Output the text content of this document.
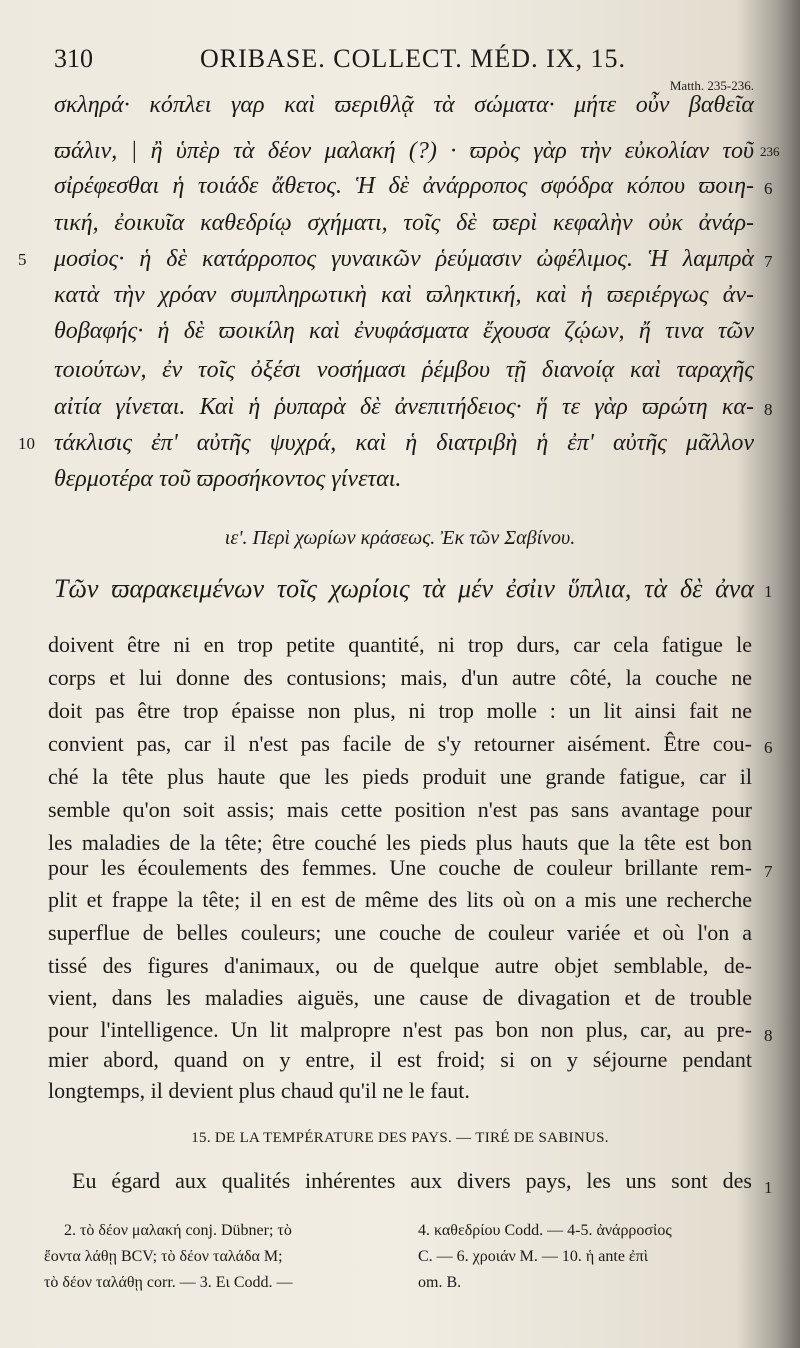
310	ORIBASE. COLLECT. MÉD. IX, 15.
Matth. 235-236.
σκληρά· κόπλει γαρ καὶ ϖεριθλᾷ τὰ σώματα· μήτε οὖν βαθεῖα
ϖάλιν, | ἢ ὑπὲρ τὰ δέον μαλακή (?) · ϖρὸς γὰρ τὴν εὐκολίαν τοῦ
σἰρέφεσθαι ἡ τοιάδε ἄθετος. Ἡ δὲ ἀνάρροπος σφόδρα κόπου ϖοιη-
τική, ἐοικυῖα καθεδρίῳ σχήματι, τοῖς δὲ ϖερὶ κεφαλὴν οὐκ ἀνάρ-
μοσἰος· ἡ δὲ κατάρροπος γυναικῶν ῥεύμασιν ὠφέλιμος. Ἡ λαμπρὰ
κατὰ τὴν χρόαν συμπληρωτικὴ καὶ ϖληκτική, καὶ ἡ ϖεριέργως ἀν-
θοβαφής· ἡ δὲ ϖοικίλη καὶ ἐνυφάσματα ἔχουσα ζῴων, ἤ τινα τῶν
τοιούτων, ἐν τοῖς ὀξέσι νοσήμασι ῥέμβου τῇ διανοίᾳ καὶ ταραχῆς
αἰτία γίνεται. Καὶ ἡ ῥυπαρὰ δὲ ἀνεπιτήδειος· ἥ τε γὰρ ϖρώτη κα-
τάκλισις ἐπ' αὐτῆς ψυχρά, καὶ ἡ διατριβὴ ἡ ἐπ' αὐτῆς μᾶλλον
θερμοτέρα τοῦ ϖροσήκοντος γίνεται.
5
10
236
6
7
8
ιε'. Περὶ χωρίων κράσεως. Ἐκ τῶν Σαβίνου.
Τῶν ϖαρακειμένων τοῖς χωρίοις τὰ μέν ἐσἰιν ὕπλια, τὰ δὲ ἀνα 1
doivent être ni en trop petite quantité, ni trop durs, car cela fatigue le
corps et lui donne des contusions; mais, d'un autre côté, la couche ne
doit pas être trop épaisse non plus, ni trop molle : un lit ainsi fait ne
convient pas, car il n'est pas facile de s'y retourner aisément. Être cou-
ché la tête plus haute que les pieds produit une grande fatigue, car il
semble qu'on soit assis; mais cette position n'est pas sans avantage pour
les maladies de la tête; être couché les pieds plus hauts que la tête est bon
pour les écoulements des femmes. Une couche de couleur brillante rem-
plit et frappe la tête; il en est de même des lits où on a mis une recherche
superflue de belles couleurs; une couche de couleur variée et où l'on a
tissé des figures d'animaux, ou de quelque autre objet semblable, de-
vient, dans les maladies aiguës, une cause de divagation et de trouble
pour l'intelligence. Un lit malpropre n'est pas bon non plus, car, au pre-
mier abord, quand on y entre, il est froid; si on y séjourne pendant
longtemps, il devient plus chaud qu'il ne le faut.
6
7
8
15. DE LA TEMPÉRATURE DES PAYS. — TIRÉ DE SABINUS.
Eu égard aux qualités inhérentes aux divers pays, les uns sont des 1
2. τὸ δέον μαλακή conj. Dübner; τὸ
ἔοντα λάθῃ BCV; τὸ δέον ταλάδα M;
τὸ δέον ταλάθῃ corr. — 3. Ει Codd. —
4. καθεδρίου Codd. — 4-5. ἀνάρροσἰος
C. — 6. χροιάν M. — 10. ἡ ante ἐπὶ
om. B.
